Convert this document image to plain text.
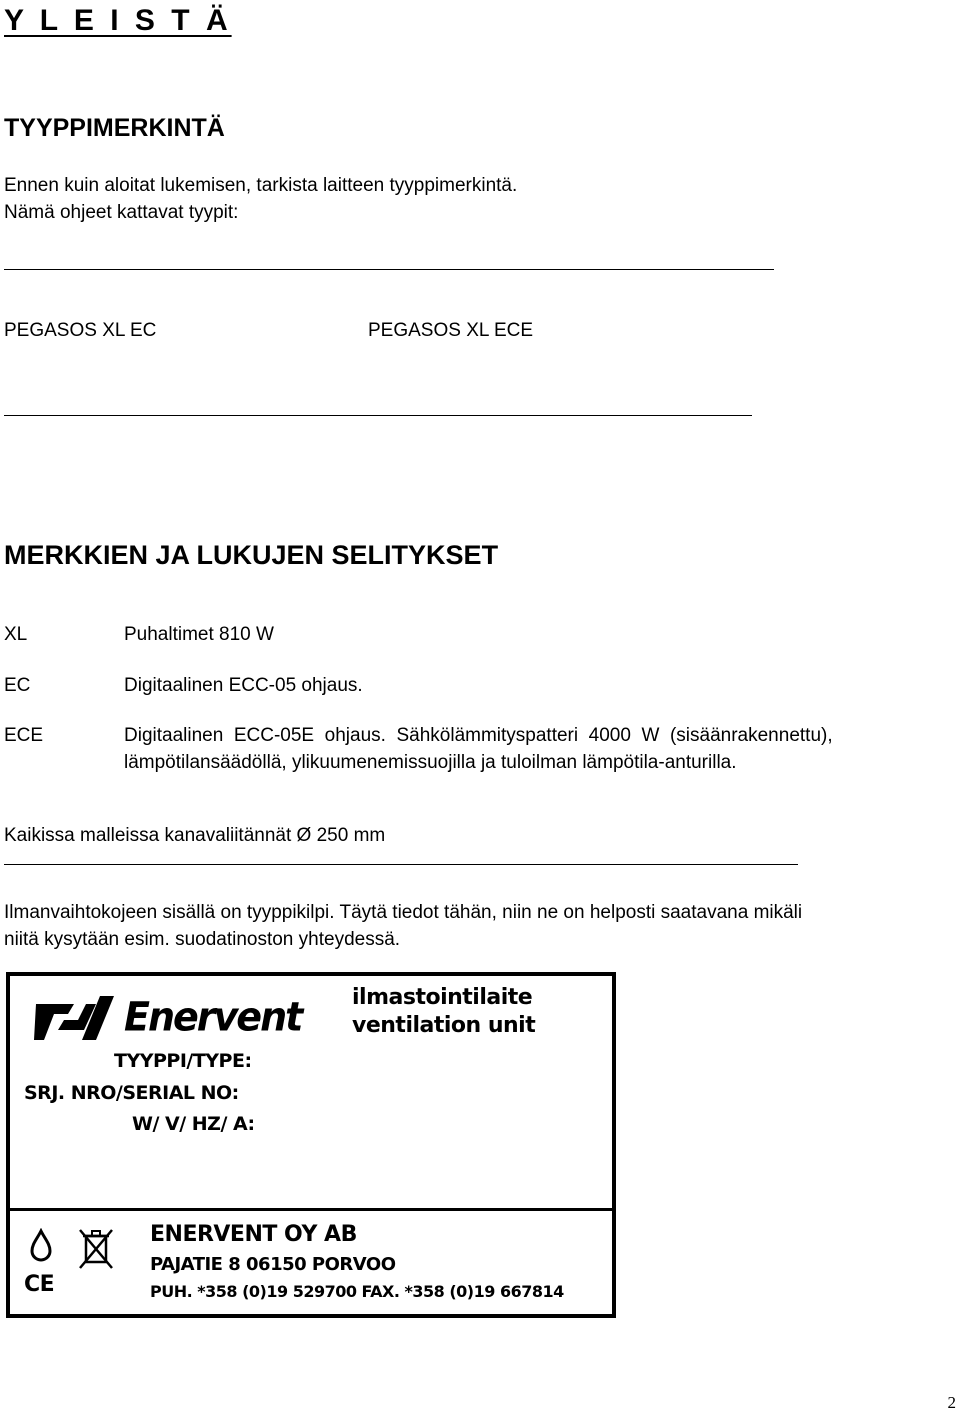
Y L E I S T Ä
TYYPPIMERKINTÄ
Ennen kuin aloitat lukemisen, tarkista laitteen tyyppimerkintä.
Nämä ohjeet kattavat tyypit:
PEGASOS XL EC	PEGASOS XL ECE
MERKKIEN JA LUKUJEN SELITYKSET
XL	Puhaltimet 810 W
EC	Digitaalinen ECC-05 ohjaus.
ECE	Digitaalinen  ECC-05E  ohjaus.  Sähkölämmityspatteri  4000  W  (sisäänrakennettu),
lämpötilansäädöllä, ylikuumenemissuojilla ja tuloilman lämpötila-anturilla.
Kaikissa malleissa kanavaliitännät Ø 250 mm
Ilmanvaihtokojeen sisällä on tyyppikilpi. Täytä tiedot tähän, niin ne on helposti saatavana mikäli
niitä kysytään esim. suodatinoston yhteydessä.
Enervent ilmastointilaite
ventilation unit
TYYPPI/TYPE:
SRJ. NRO/SERIAL NO:
W/ V/ HZ/ A:
CE
ENERVENT OY AB
PAJATIE 8 06150 PORVOO
PUH. *358 (0)19 529700 FAX. *358 (0)19 667814
2
